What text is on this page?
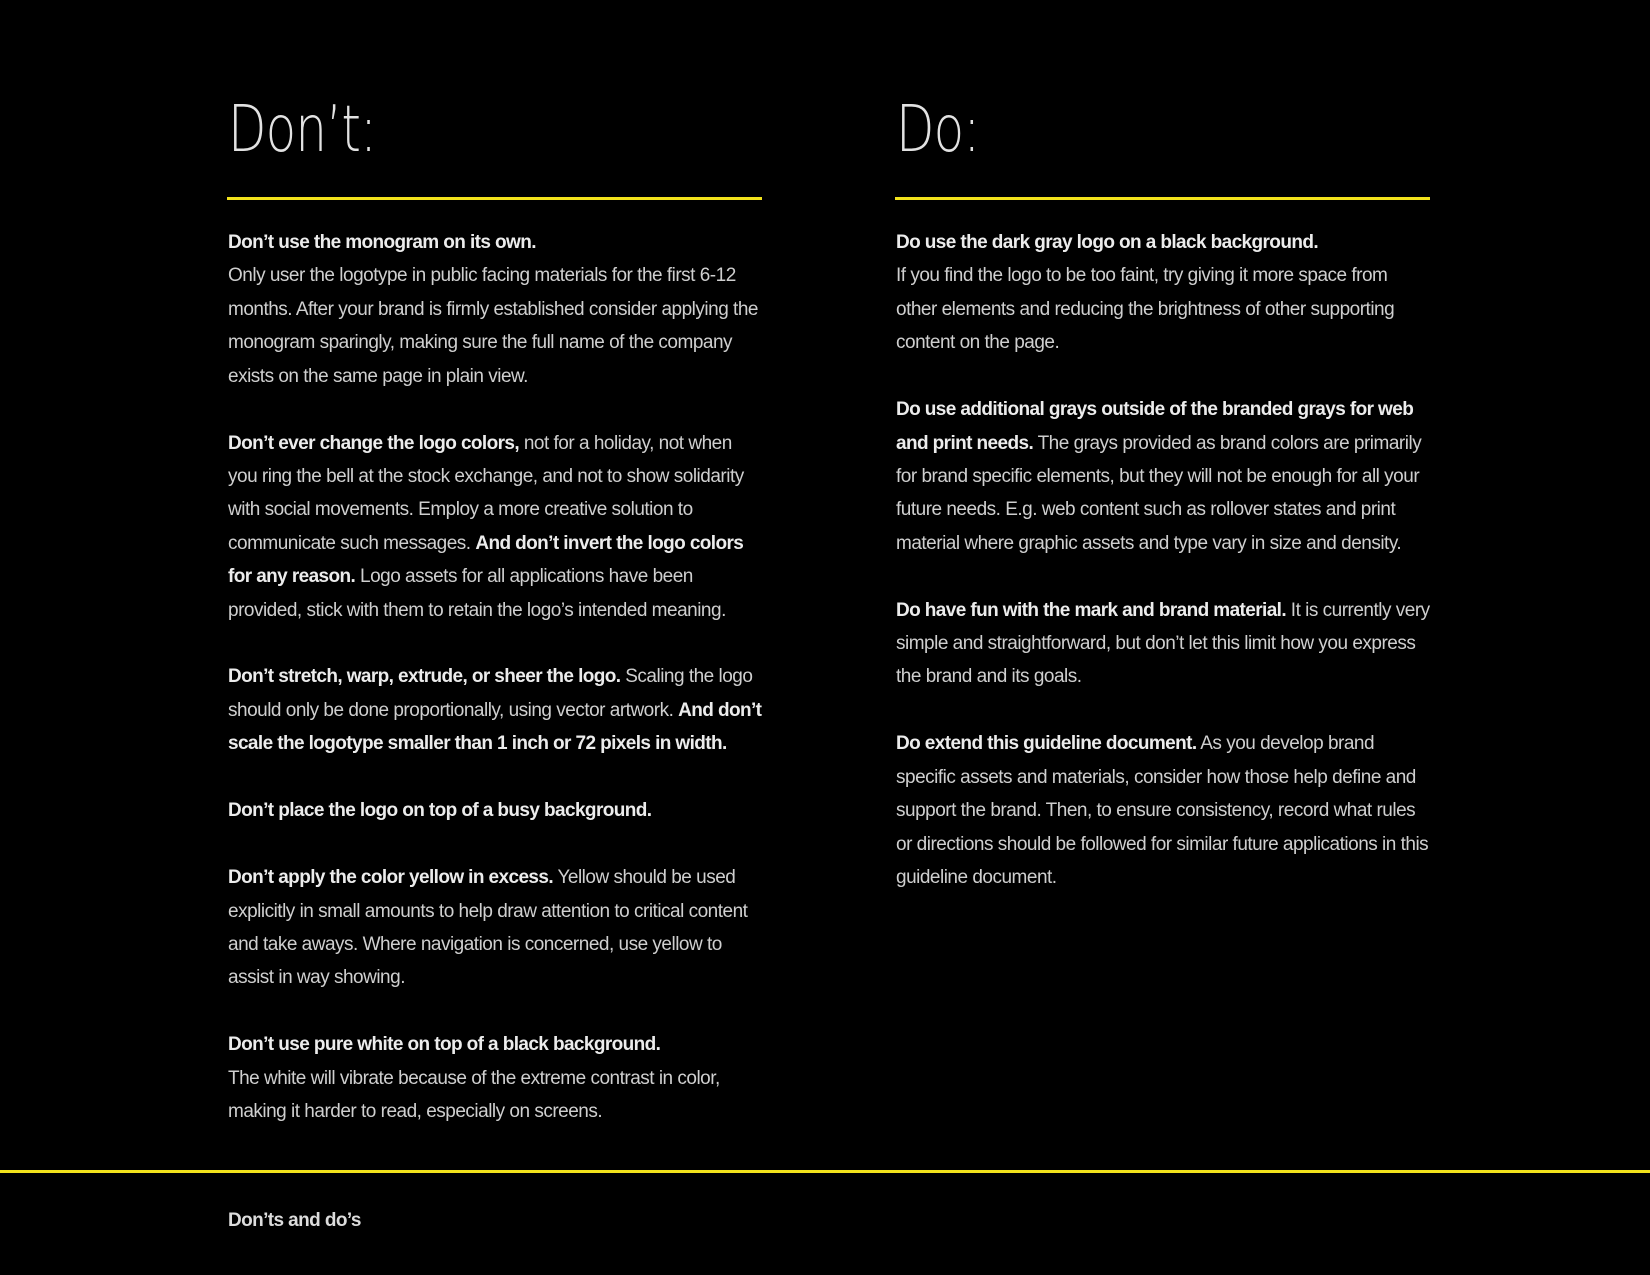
Don’t:

Don’t use the monogram on its own.
Only user the logotype in public facing materials for the first 6-12 months. After your brand is firmly established consider applying the monogram sparingly, making sure the full name of the company exists on the same page in plain view.

Don’t ever change the logo colors, not for a holiday, not when you ring the bell at the stock exchange, and not to show solidarity with social movements. Employ a more creative solution to communicate such messages. And don’t invert the logo colors for any reason. Logo assets for all applications have been provided, stick with them to retain the logo’s intended meaning.

Don’t stretch, warp, extrude, or sheer the logo. Scaling the logo should only be done proportionally, using vector artwork. And don’t scale the logotype smaller than 1 inch or 72 pixels in width.

Don’t place the logo on top of a busy background.

Don’t apply the color yellow in excess. Yellow should be used explicitly in small amounts to help draw attention to critical content and take aways. Where navigation is concerned, use yellow to assist in way showing.

Don’t use pure white on top of a black background.
The white will vibrate because of the extreme contrast in color, making it harder to read, especially on screens.

Do:

Do use the dark gray logo on a black background.
If you find the logo to be too faint, try giving it more space from other elements and reducing the brightness of other supporting content on the page.

Do use additional grays outside of the branded grays for web and print needs. The grays provided as brand colors are primarily for brand specific elements, but they will not be enough for all your future needs. E.g. web content such as rollover states and print material where graphic assets and type vary in size and density.

Do have fun with the mark and brand material. It is currently very simple and straightforward, but don’t let this limit how you express the brand and its goals.

Do extend this guideline document. As you develop brand specific assets and materials, consider how those help define and support the brand. Then, to ensure consistency, record what rules or directions should be followed for similar future applications in this guideline document.

Don’ts and do’s
